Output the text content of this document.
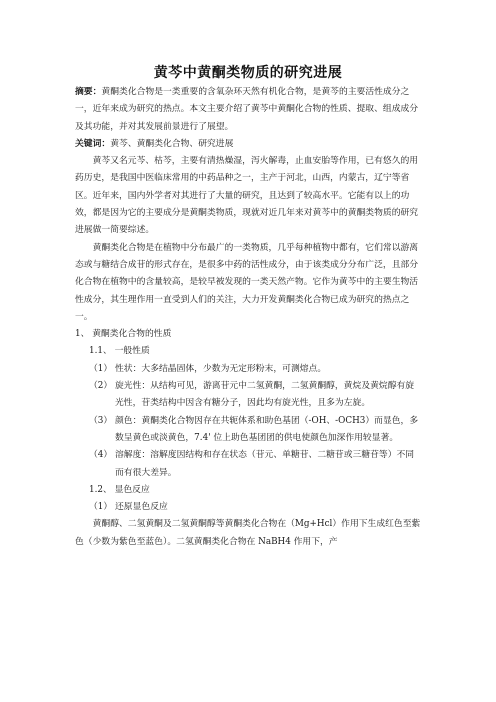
黄芩中黄酮类物质的研究进展

摘要：黄酮类化合物是一类重要的含氧杂环天然有机化合物，是黄芩的主要活性成分之一，近年来成为研究的热点。本文主要介绍了黄芩中黄酮化合物的性质、提取、组成成分及其功能，并对其发展前景进行了展望。

关键词：黄芩、黄酮类化合物、研究进展

黄芩又名元芩、枯芩，主要有清热燥湿，泻火解毒，止血安胎等作用，已有悠久的用药历史，是我国中医临床常用的中药品种之一，主产于河北，山西，内蒙古，辽宁等省区。近年来，国内外学者对其进行了大量的研究，且达到了较高水平。它能有以上的功效，都是因为它的主要成分是黄酮类物质，现就对近几年来对黄芩中的黄酮类物质的研究进展做一简要综述。

黄酮类化合物是在植物中分布最广的一类物质，几乎每种植物中都有，它们常以游离态或与糖结合成苷的形式存在，是很多中药的活性成分，由于该类成分分布广泛，且部分化合物在植物中的含量较高，是较早被发现的一类天然产物。它作为黄芩中的主要生物活性成分，其生理作用一直受到人们的关注，大力开发黄酮类化合物已成为研究的热点之一。

1、 黄酮类化合物的性质

1.1、 一般性质

（1） 性状：大多结晶固体，少数为无定形粉末，可测熔点。
（2） 旋光性：从结构可见，游离苷元中二氢黄酮，二氢黄酮醇，黄烷及黄烷醇有旋光性，苷类结构中因含有糖分子，因此均有旋光性，且多为左旋。
（3） 颜色：黄酮类化合物因存在共轭体系和助色基团（-OH、-OCH3）而显色，多数呈黄色或淡黄色，7.4' 位上助色基团团的供电使颜色加深作用较显著。
（4） 溶解度：溶解度因结构和存在状态（苷元、单糖苷、二糖苷或三糖苷等）不同而有很大差异。

1.2、 显色反应

（1） 还原显色反应

黄酮醇、二氢黄酮及二氢黄酮醇等黄酮类化合物在（Mg+Hcl）作用下生成红色至紫色（少数为紫色至蓝色）。二氢黄酮类化合物在 NaBH4 作用下，产
